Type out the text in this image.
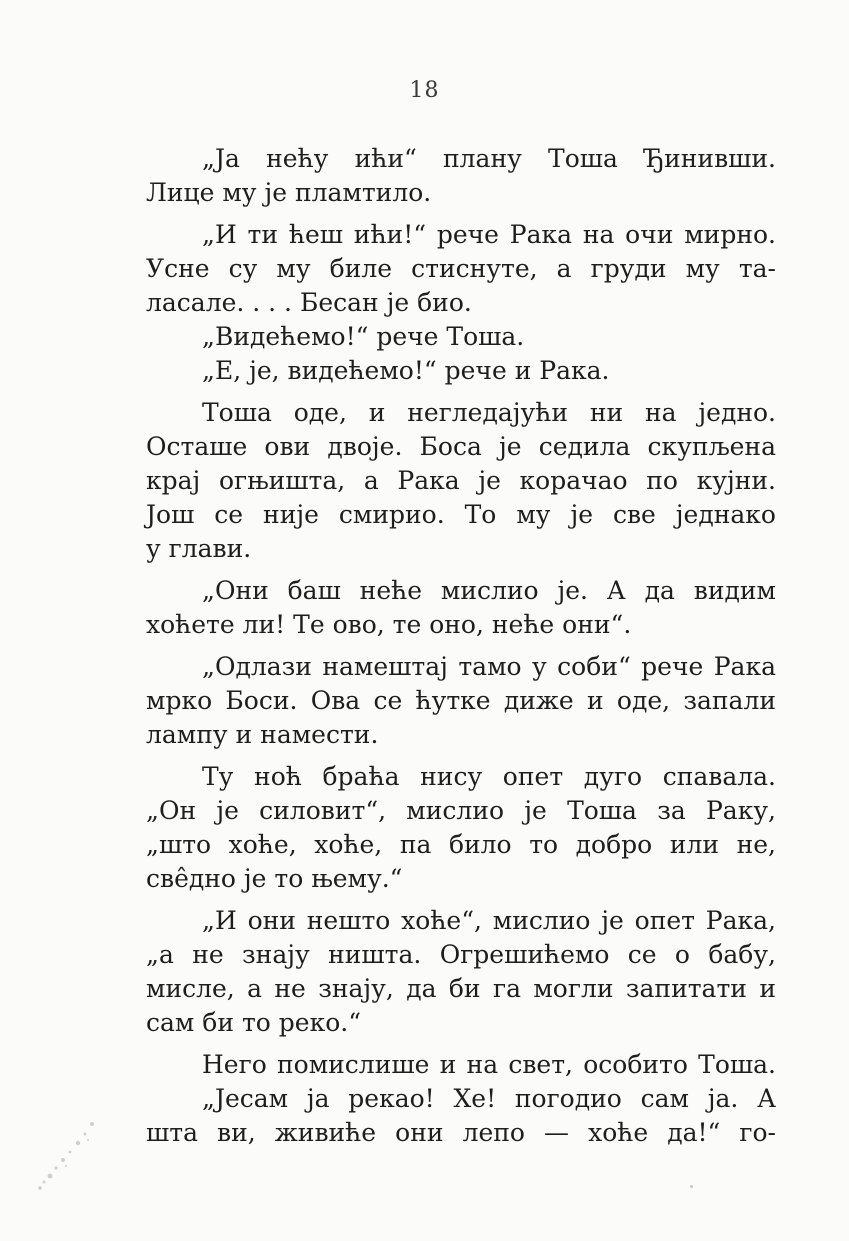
18
„Ја нећу ићи“ плану Тоша Ђинивши.
Лице му је пламтило.
„И ти ћеш ићи!“ рече Рака на очи мирно.
Усне су му биле стиснуте, а груди му та-
ласале. . . . Бесан је био.
„Видећемо!“ рече Тоша.
„Е, је, видећемо!“ рече и Рака.
Тоша оде, и негледајући ни на једно.
Осташе ови двоје. Боса је седила скупљена
крај огњишта, а Рака је корачао по кујни.
Још се није смирио. То му је све једнако
у глави.
„Они баш неће мислио је. А да видим
хоћете ли! Те ово, те оно, неће они“.
„Одлази намештај тамо у соби“ рече Рака
мрко Боси. Ова се ћутке диже и оде, запали
лампу и намести.
Ту ноћ браћа нису опет дуго спавала.
„Он је силовит“, мислио је Тоша за Раку,
„што хоће, хоће, па било то добро или не,
свêдно је то њему.“
„И они нешто хоће“, мислио је опет Рака,
„а не знају ништа. Огрешићемо се о бабу,
мисле, а не знају, да би га могли запитати и
сам би то реко.“
Него помислише и на свет, особито Тоша.
„Јесам ја рекао! Хе! погодио сам ја. А
шта ви, живиће они лепо — хоће да!“ го-
